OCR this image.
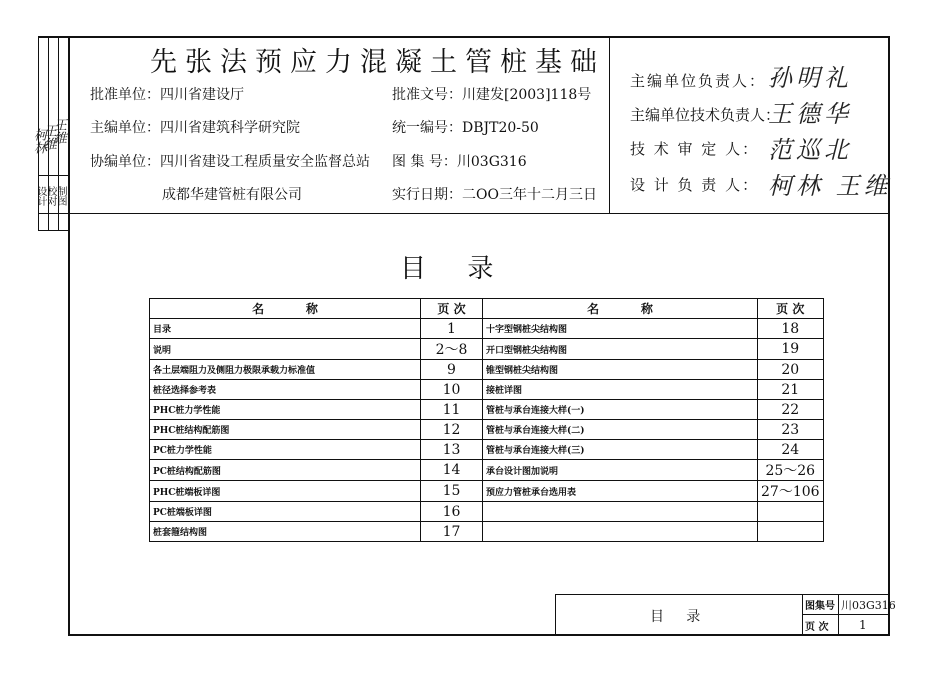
设计 校对 制图
柯林
王维
王维
先张法预应力混凝土管桩基础
批准单位：四川省建设厅
主编单位：四川省建筑科学研究院
协编单位：四川省建设工程质量安全监督总站
成都华建管桩有限公司
批准文号：川建发[2003]118号
统一编号：DBJT20-50
图 集 号：川03G316
实行日期：二OO三年十二月三日
主编单位负责人： 孙明礼
主编单位技术负责人：
王德华
技 术 审 定 人： 范巡北
设 计 负 责 人： 柯林 王维
目     录
名          称	页 次	名          称	页 次
目录	1	十字型钢桩尖结构图	18
说明	2～8	开口型钢桩尖结构图	19
各土层端阻力及侧阻力极限承载力标准值	9	锥型钢桩尖结构图	20
桩径选择参考表	10	接桩详图	21
PHC桩力学性能	11	管桩与承台连接大样(一)	22
PHC桩结构配筋图	12	管桩与承台连接大样(二)	23
PC桩力学性能	13	管桩与承台连接大样(三)	24
PC桩结构配筋图	14	承台设计图加说明	25～26
PHC桩端板详图	15	预应力管桩承台选用表	27～106
PC桩端板详图	16		
桩套箍结构图	17		
目     录
图集号 川03G316
页 次	1
